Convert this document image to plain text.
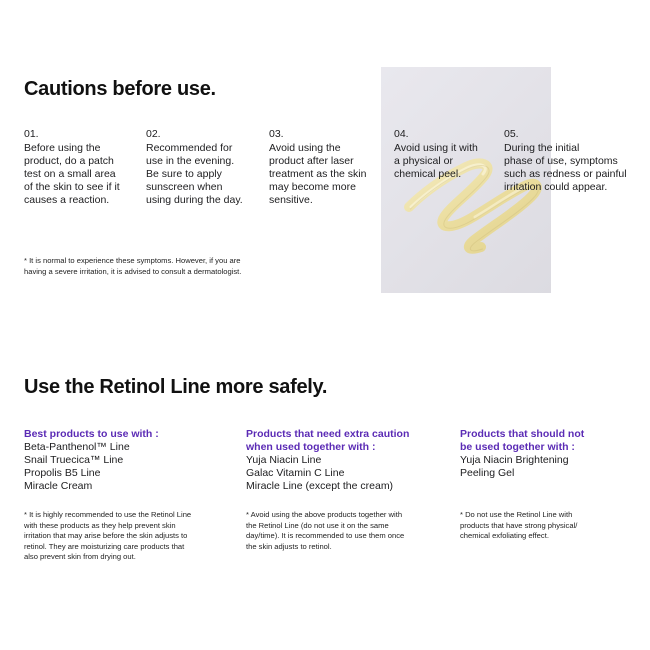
Cautions before use.
01.
Before using the
product, do a patch
test on a small area
of the skin to see if it
causes a reaction.
02.
Recommended for
use in the evening.
Be sure to apply
sunscreen when
using during the day.
03.
Avoid using the
product after laser
treatment as the skin
may become more
sensitive.
04.
Avoid using it with
a physical or
chemical peel.
05.
During the initial
phase of use, symptoms
such as redness or painful
irritation could appear.
* It is normal to experience these symptoms. However, if you are
having a severe irritation, it is advised to consult a dermatologist.
Use the Retinol Line more safely.
Best products to use with :
Beta-Panthenol™ Line
Snail Truecica™ Line
Propolis B5 Line
Miracle Cream
* It is highly recommended to use the Retinol Line
with these products as they help prevent skin
irritation that may arise before the skin adjusts to
retinol. They are moisturizing care products that
also prevent skin from drying out.
Products that need extra caution
when used together with :
Yuja Niacin Line
Galac Vitamin C Line
Miracle Line (except the cream)
* Avoid using the above products together with
the Retinol Line (do not use it on the same
day/time). It is recommended to use them once
the skin adjusts to retinol.
Products that should not
be used together with :
Yuja Niacin Brightening
Peeling Gel
* Do not use the Retinol Line with
products that have strong physical/
chemical exfoliating effect.
